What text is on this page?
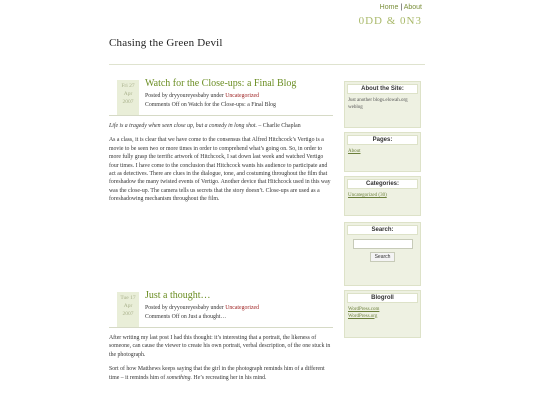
Home | About
0DD & 0N3
Chasing the Green Devil
Fri 27
Apr
2007
Watch for the Close-ups: a Final Blog
Posted by dryyoureyesbaby under Uncategorized
Comments Off on Watch for the Close-ups: a Final Blog

Life is a tragedy when seen close up, but a comedy in long shot. – Charlie Chaplan

As a class, it is clear that we have come to the consensus that Alfred Hitchcock’s Vertigo is a movie to be seen two or more times in order to comprehend what’s going on. So, in order to more fully grasp the terrific artwork of Hitchcock, I sat down last week and watched Vertigo four times. I have come to the conclusion that Hitchcock wants his audience to participate and act as detectives. There are clues in the dialogue, tone, and costuming throughout the film that foreshadow the many twisted events of Vertigo. Another device that Hitchcock used in this way was the close-up. The camera tells us secrets that the story doesn’t. Close-ups are used as a foreshadowing mechanism throughout the film.

Tue 17
Apr
2007
Just a thought…
Posted by dryyoureyesbaby under Uncategorized
Comments Off on Just a thought…

After writing my last post I had this thought: it’s interesting that a portrait, the likeness of someone, can cause the viewer to create his own portrait, verbal description, of the one stuck in the photograph.

Sort of how Matthews keeps saying that the girl in the photograph reminds him of a different time – it reminds him of something. He’s recreating her in his mind.

About the Site:
Just another blogs.elowah.org weblog
Pages:
About
Categories:
Uncategorized (30)
Search:
Search
Blogroll
WordPress.com
WordPress.org
